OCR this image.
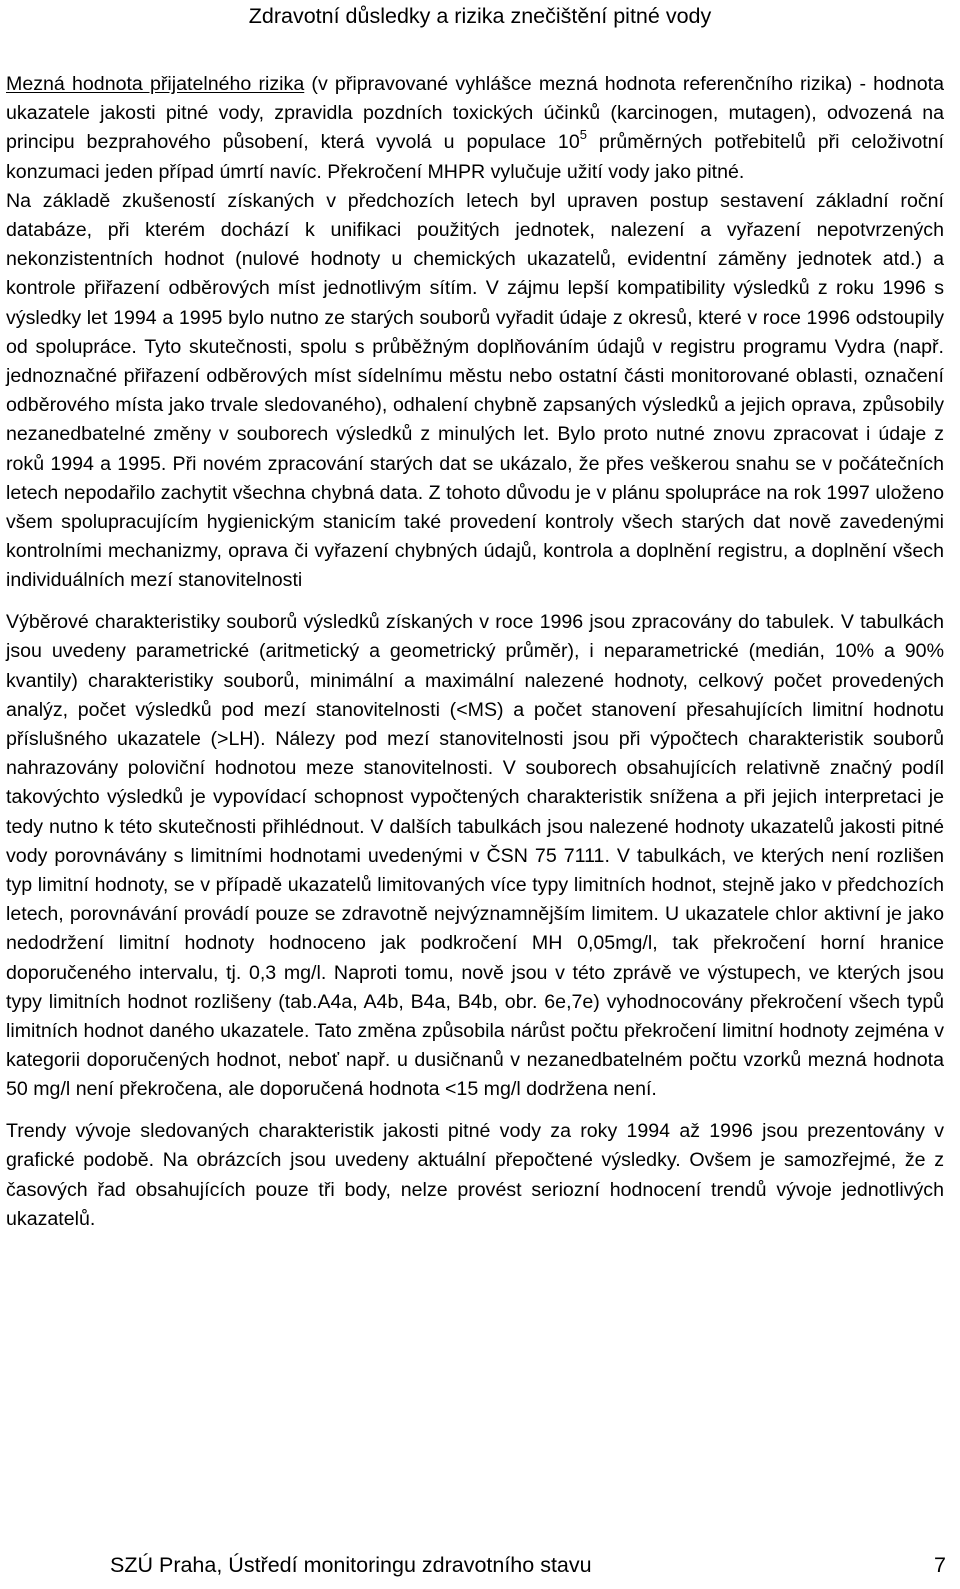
Zdravotní důsledky a rizika znečištění pitné vody

Mezná hodnota přijatelného rizika (v připravované vyhlášce mezná hodnota referenčního rizika) - hodnota ukazatele jakosti pitné vody, zpravidla pozdních toxických účinků (karcinogen, mutagen), odvozená na principu bezprahového působení, která vyvolá u populace $10^5$ průměrných potřebitelů při celoživotní konzumaci jeden případ úmrtí navíc. Překročení MHPR vylučuje užití vody jako pitné.

Na základě zkušeností získaných v předchozích letech byl upraven postup sestavení základní roční databáze, při kterém dochází k unifikaci použitých jednotek, nalezení a vyřazení nepotvrzených nekonzistentních hodnot (nulové hodnoty u chemických ukazatelů, evidentní záměny jednotek atd.) a kontrole přiřazení odběrových míst jednotlivým sítím. V zájmu lepší kompatibility výsledků z roku 1996 s výsledky let 1994 a 1995 bylo nutno ze starých souborů vyřadit údaje z okresů, které v roce 1996 odstoupily od spolupráce. Tyto skutečnosti, spolu s průběžným doplňováním údajů v registru programu Vydra (např. jednoznačné přiřazení odběrových míst sídelnímu městu nebo ostatní části monitorované oblasti, označení odběrového místa jako trvale sledovaného), odhalení chybně zapsaných výsledků a jejich oprava, způsobily nezanedbatelné změny v souborech výsledků z minulých let. Bylo proto nutné znovu zpracovat i údaje z roků 1994 a 1995. Při novém zpracování starých dat se ukázalo, že přes veškerou snahu se v počátečních letech nepodařilo zachytit všechna chybná data. Z tohoto důvodu je v plánu spolupráce na rok 1997 uloženo všem spolupracujícím hygienickým stanicím také provedení kontroly všech starých dat nově zavedenými kontrolními mechanizmy, oprava či vyřazení chybných údajů, kontrola a doplnění registru, a doplnění všech individuálních mezí stanovitelnosti

Výběrové charakteristiky souborů výsledků získaných v roce 1996 jsou zpracovány do tabulek. V tabulkách jsou uvedeny parametrické (aritmetický a geometrický průměr), i neparametrické (medián, 10% a 90% kvantily) charakteristiky souborů, minimální a maximální nalezené hodnoty, celkový počet provedených analýz, počet výsledků pod mezí stanovitelnosti (<MS) a počet stanovení přesahujících limitní hodnotu příslušného ukazatele (>LH). Nálezy pod mezí stanovitelnosti jsou při výpočtech charakteristik souborů nahrazovány poloviční hodnotou meze stanovitelnosti. V souborech obsahujících relativně značný podíl takovýchto výsledků je vypovídací schopnost vypočtených charakteristik snížena a při jejich interpretaci je tedy nutno k této skutečnosti přihlédnout. V dalších tabulkách jsou nalezené hodnoty ukazatelů jakosti pitné vody porovnávány s limitními hodnotami uvedenými v ČSN 75 7111. V tabulkách, ve kterých není rozlišen typ limitní hodnoty, se v případě ukazatelů limitovaných více typy limitních hodnot, stejně jako v předchozích letech, porovnávání provádí pouze se zdravotně nejvýznamnějším limitem. U ukazatele chlor aktivní je jako nedodržení limitní hodnoty hodnoceno jak podkročení MH 0,05mg/l, tak překročení horní hranice doporučeného intervalu, tj. 0,3 mg/l. Naproti tomu, nově jsou v této zprávě ve výstupech, ve kterých jsou typy limitních hodnot rozlišeny (tab.A4a, A4b, B4a, B4b, obr. 6e,7e) vyhodnocovány překročení všech typů limitních hodnot daného ukazatele. Tato změna způsobila nárůst počtu překročení limitní hodnoty zejména v kategorii doporučených hodnot, neboť např. u dusičnanů v nezanedbatelném počtu vzorků mezná hodnota 50 mg/l není překročena, ale doporučená hodnota <15 mg/l dodržena není.

Trendy vývoje sledovaných charakteristik jakosti pitné vody za roky 1994 až 1996 jsou prezentovány v grafické podobě. Na obrázcích jsou uvedeny aktuální přepočtené výsledky. Ovšem je samozřejmé, že z časových řad obsahujících pouze tři body, nelze provést seriozní hodnocení trendů vývoje jednotlivých ukazatelů.

SZÚ Praha, Ústředí monitoringu zdravotního stavu	7
